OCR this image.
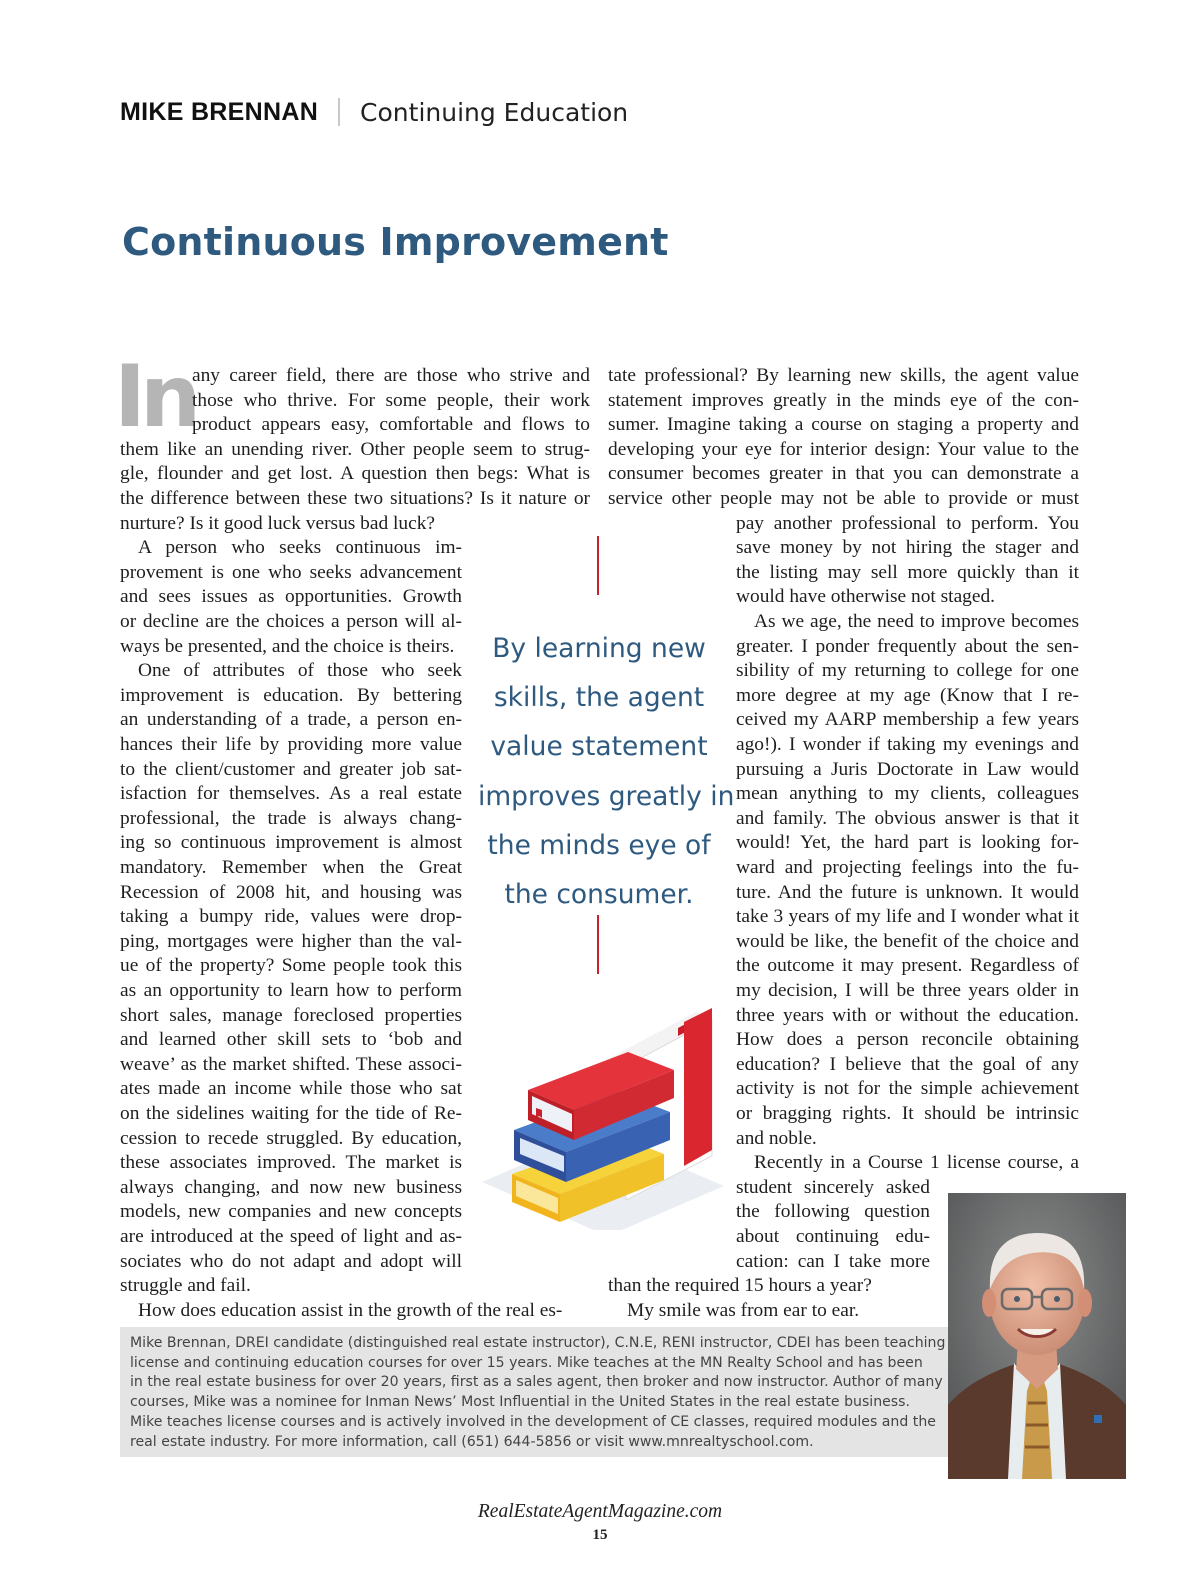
MIKE BRENNAN Continuing Education
Continuous Improvement
In
any career field, there are those who strive and
those who thrive. For some people, their work
product appears easy, comfortable and flows to
them like an unending river. Other people seem to strug-
gle, flounder and get lost. A question then begs: What is
the difference between these two situations? Is it nature or
nurture? Is it good luck versus bad luck?
A person who seeks continuous im-
provement is one who seeks advancement
and sees issues as opportunities. Growth
or decline are the choices a person will al-
ways be presented, and the choice is theirs.
One of attributes of those who seek
improvement is education. By bettering
an understanding of a trade, a person en-
hances their life by providing more value
to the client/customer and greater job sat-
isfaction for themselves. As a real estate
professional, the trade is always chang-
ing so continuous improvement is almost
mandatory. Remember when the Great
Recession of 2008 hit, and housing was
taking a bumpy ride, values were drop-
ping, mortgages were higher than the val-
ue of the property? Some people took this
as an opportunity to learn how to perform
short sales, manage foreclosed properties
and learned other skill sets to ‘bob and
weave’ as the market shifted. These associ-
ates made an income while those who sat
on the sidelines waiting for the tide of Re-
cession to recede struggled. By education,
these associates improved. The market is
always changing, and now new business
models, new companies and new concepts
are introduced at the speed of light and as-
sociates who do not adapt and adopt will
struggle and fail.
How does education assist in the growth of the real es-
tate professional? By learning new skills, the agent value
statement improves greatly in the minds eye of the con-
sumer. Imagine taking a course on staging a property and
developing your eye for interior design: Your value to the
consumer becomes greater in that you can demonstrate a
service other people may not be able to provide or must
pay another professional to perform. You
save money by not hiring the stager and
the listing may sell more quickly than it
would have otherwise not staged.
As we age, the need to improve becomes
greater. I ponder frequently about the sen-
sibility of my returning to college for one
more degree at my age (Know that I re-
ceived my AARP membership a few years
ago!). I wonder if taking my evenings and
pursuing a Juris Doctorate in Law would
mean anything to my clients, colleagues
and family. The obvious answer is that it
would! Yet, the hard part is looking for-
ward and projecting feelings into the fu-
ture. And the future is unknown. It would
take 3 years of my life and I wonder what it
would be like, the benefit of the choice and
the outcome it may present. Regardless of
my decision, I will be three years older in
three years with or without the education.
How does a person reconcile obtaining
education? I believe that the goal of any
activity is not for the simple achievement
or bragging rights. It should be intrinsic
and noble.
Recently in a Course 1 license course, a
student sincerely asked
the following question
about continuing edu-
cation: can I take more
than the required 15 hours a year?
My smile was from ear to ear.
By learning new
skills, the agent
value statement
improves greatly in
the minds eye of
the consumer.
Mike Brennan, DREI candidate (distinguished real estate instructor), C.N.E, RENI instructor, CDEI has been teaching
license and continuing education courses for over 15 years. Mike teaches at the MN Realty School and has been
in the real estate business for over 20 years, first as a sales agent, then broker and now instructor. Author of many
courses, Mike was a nominee for Inman News’ Most Influential in the United States in the real estate business.
Mike teaches license courses and is actively involved in the development of CE classes, required modules and the
real estate industry. For more information, call (651) 644-5856 or visit www.mnrealtyschool.com.
RealEstateAgentMagazine.com
15
